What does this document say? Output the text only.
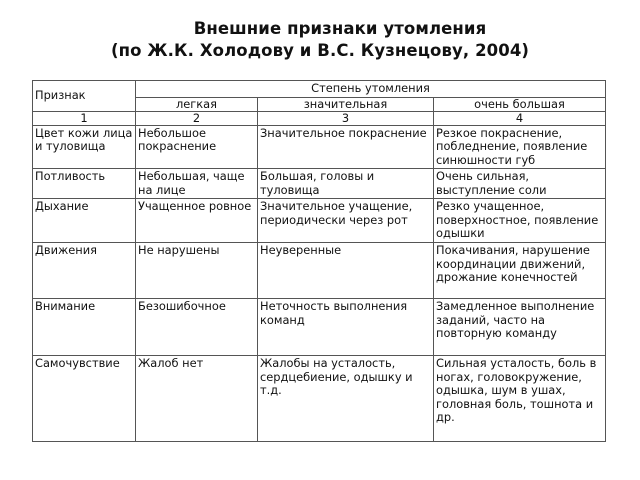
Внешние признаки утомления
(по Ж.К. Холодову и В.С. Кузнецову, 2004)
Признак	Степень утомления		
	легкая	значительная	очень большая
1	2	3	4
Цвет кожи лица и туловища	Небольшое покраснение	Значительное покраснение	Резкое покраснение, побледнение, появление синюшности губ
Потливость	Небольшая, чаще на лице	Большая, головы и туловища	Очень сильная, выступление соли
Дыхание	Учащенное ровное	Значительное учащение, периодически через рот	Резко учащенное, поверхностное, появление одышки
Движения	Не нарушены	Неуверенные	Покачивания, нарушение координации движений, дрожание конечностей
Внимание	Безошибочное	Неточность выполнения команд	Замедленное выполнение заданий, часто на повторную команду
Самочувствие	Жалоб нет	Жалобы на усталость, сердцебиение, одышку и т.д.	Сильная усталость, боль в ногах, головокружение, одышка, шум в ушах, головная боль, тошнота и др.
